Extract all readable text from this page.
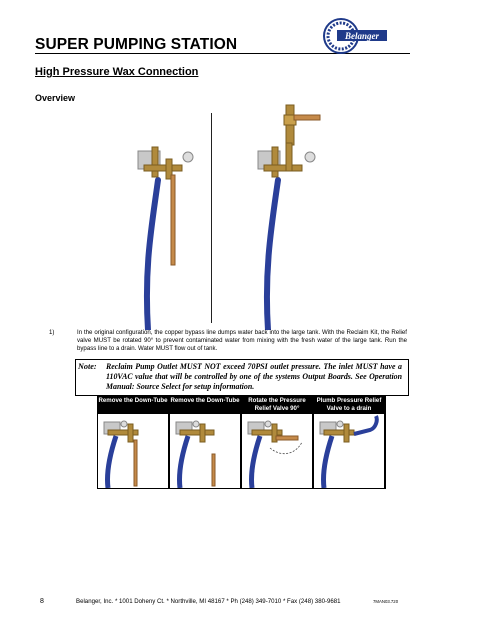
SUPER PUMPING STATION	Belanger
High Pressure Wax Connection
Overview
1)	In the original configuration, the copper bypass line dumps water back into the large tank. With the Reclaim Kit, the Relief valve MUST be rotated 90° to prevent contaminated water from mixing with the fresh water of the large tank. Run the bypass line to a drain. Water MUST flow out of tank.
Note: Reclaim Pump Outlet MUST NOT exceed 70PSI outlet pressure. The inlet MUST have a 110VAC value that will be controlled by one of the systems Output Boards. See Operation Manual: Source Select for setup information.
Remove the Down-Tube Remove the Down-Tube	Rotate the Pressure Relief Valve 90°
Plumb Pressure Relief Valve to a drain
8	Belanger, Inc. * 1001 Doheny Ct. * Northville, MI 48167 * Ph (248) 349-7010 * Fax (248) 380-9681	7MAN03.720
